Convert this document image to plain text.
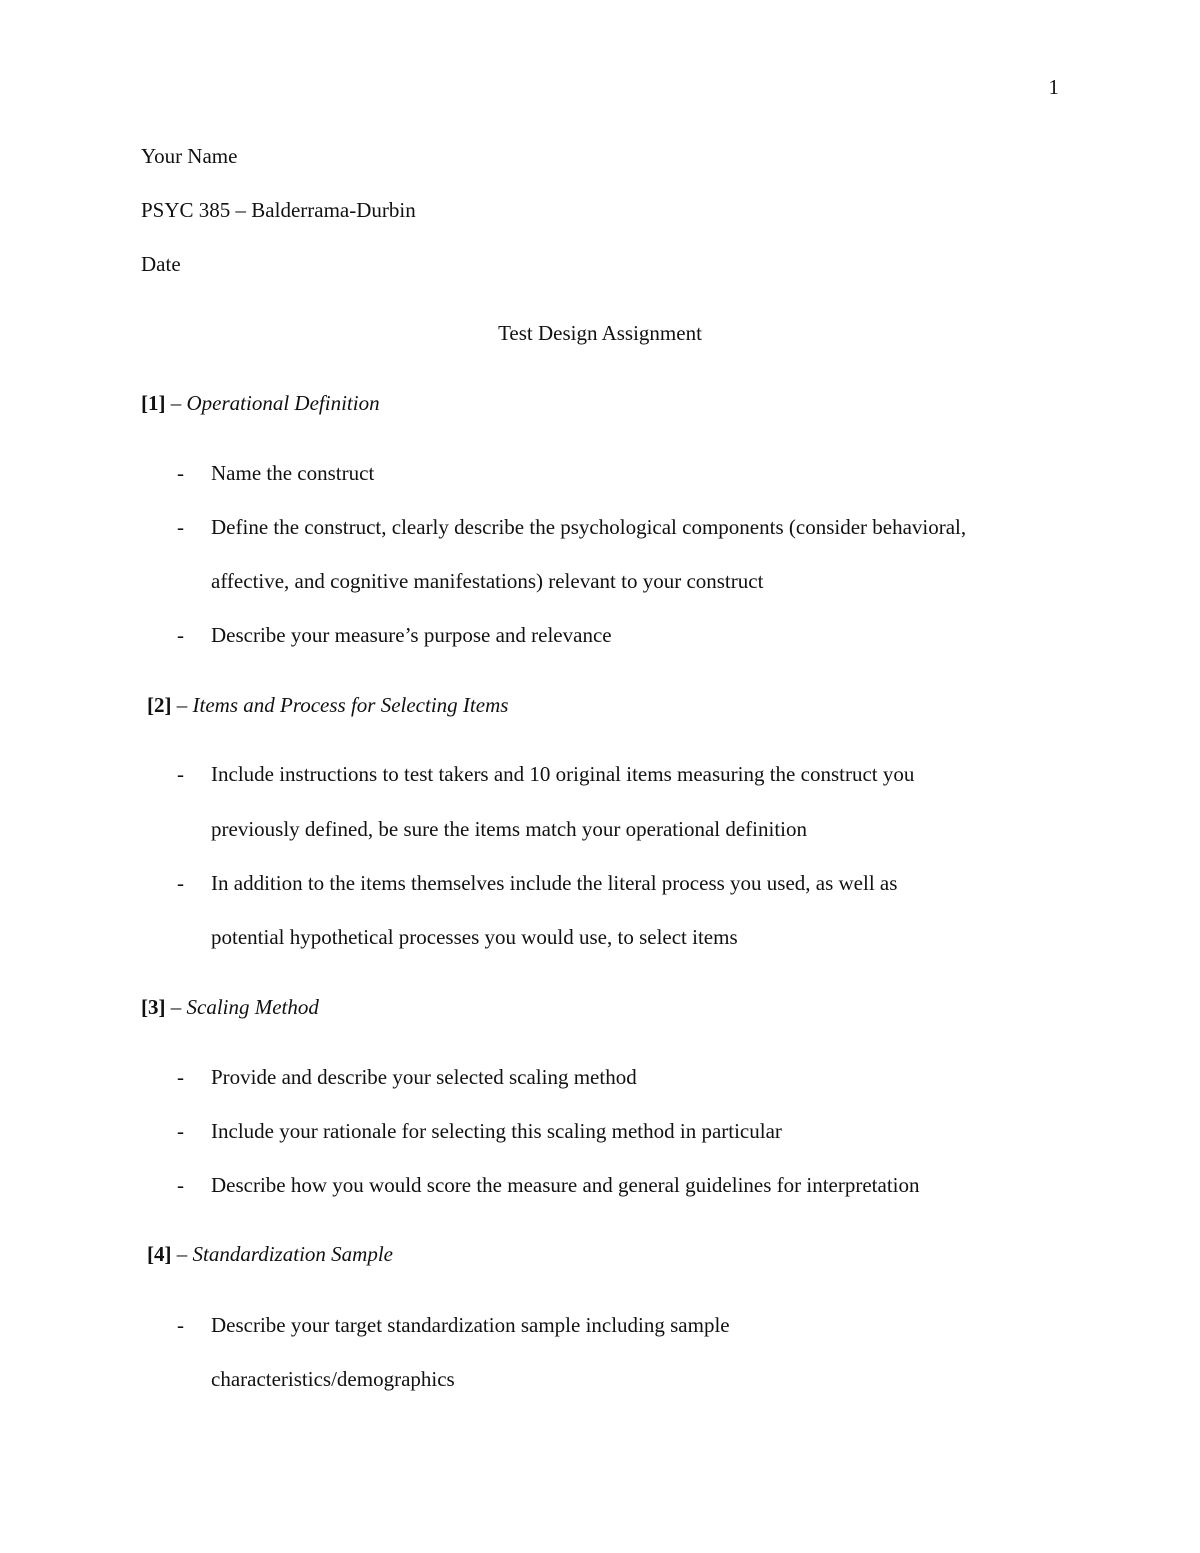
1
Your Name
PSYC 385 – Balderrama-Durbin
Date
Test Design Assignment
[1] – Operational Definition
- Name the construct
- Define the construct, clearly describe the psychological components (consider behavioral,
affective, and cognitive manifestations) relevant to your construct
- Describe your measure’s purpose and relevance
[2] – Items and Process for Selecting Items
- Include instructions to test takers and 10 original items measuring the construct you
previously defined, be sure the items match your operational definition
- In addition to the items themselves include the literal process you used, as well as
potential hypothetical processes you would use, to select items
[3] – Scaling Method
- Provide and describe your selected scaling method
- Include your rationale for selecting this scaling method in particular
- Describe how you would score the measure and general guidelines for interpretation
[4] – Standardization Sample
- Describe your target standardization sample including sample
characteristics/demographics
